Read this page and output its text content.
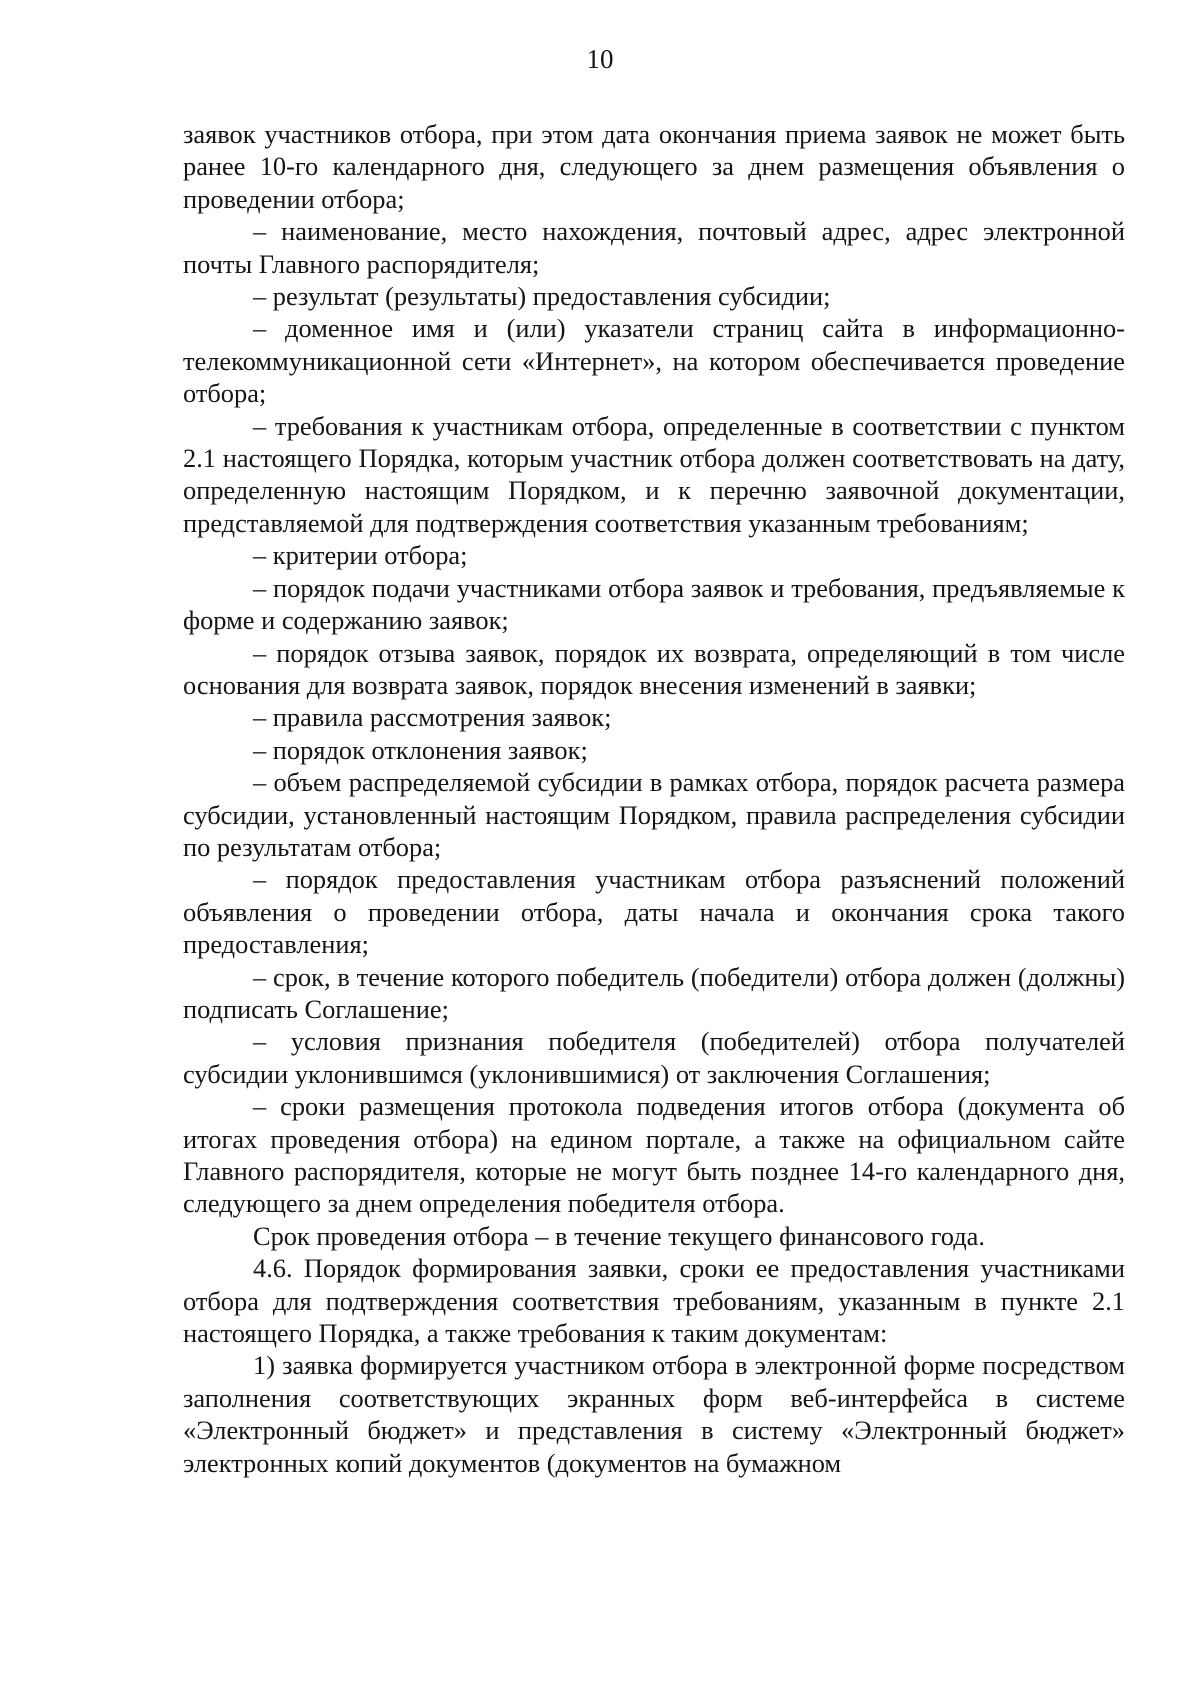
10

заявок участников отбора, при этом дата окончания приема заявок не может быть ранее 10-го календарного дня, следующего за днем размещения объявления о проведении отбора;

– наименование, место нахождения, почтовый адрес, адрес электронной почты Главного распорядителя;

– результат (результаты) предоставления субсидии;

– доменное имя и (или) указатели страниц сайта в информационно-телекоммуникационной сети «Интернет», на котором обеспечивается проведение отбора;

– требования к участникам отбора, определенные в соответствии с пунктом 2.1 настоящего Порядка, которым участник отбора должен соответствовать на дату, определенную настоящим Порядком, и к перечню заявочной документации, представляемой для подтверждения соответствия указанным требованиям;

– критерии отбора;

– порядок подачи участниками отбора заявок и требования, предъявляемые к форме и содержанию заявок;

– порядок отзыва заявок, порядок их возврата, определяющий в том числе основания для возврата заявок, порядок внесения изменений в заявки;

– правила рассмотрения заявок;

– порядок отклонения заявок;

– объем распределяемой субсидии в рамках отбора, порядок расчета размера субсидии, установленный настоящим Порядком, правила распределения субсидии по результатам отбора;

– порядок предоставления участникам отбора разъяснений положений объявления о проведении отбора, даты начала и окончания срока такого предоставления;

– срок, в течение которого победитель (победители) отбора должен (должны) подписать Соглашение;

– условия признания победителя (победителей) отбора получателей субсидии уклонившимся (уклонившимися) от заключения Соглашения;

– сроки размещения протокола подведения итогов отбора (документа об итогах проведения отбора) на едином портале, а также на официальном сайте Главного распорядителя, которые не могут быть позднее 14-го календарного дня, следующего за днем определения победителя отбора.

Срок проведения отбора – в течение текущего финансового года.

4.6. Порядок формирования заявки, сроки ее предоставления участниками отбора для подтверждения соответствия требованиям, указанным в пункте 2.1 настоящего Порядка, а также требования к таким документам:

1) заявка формируется участником отбора в электронной форме посредством заполнения соответствующих экранных форм веб-интерфейса в системе «Электронный бюджет» и представления в систему «Электронный бюджет» электронных копий документов (документов на бумажном
